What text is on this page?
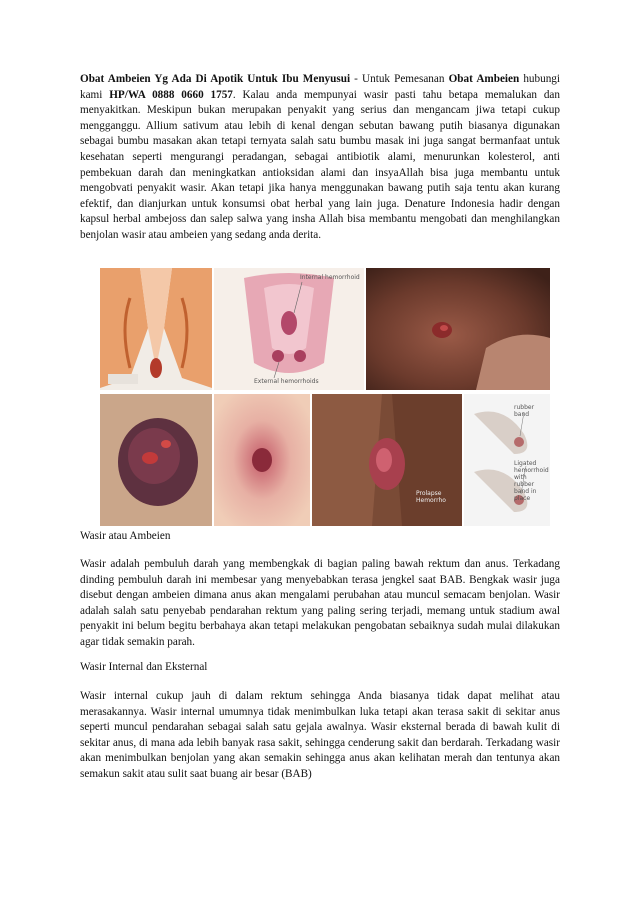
Obat Ambeien Yg Ada Di Apotik Untuk Ibu Menyusui - Untuk Pemesanan Obat Ambeien hubungi kami HP/WA 0888 0660 1757. Kalau anda mempunyai wasir pasti tahu betapa memalukan dan menyakitkan. Meskipun bukan merupakan penyakit yang serius dan mengancam jiwa tetapi cukup mengganggu. Allium sativum atau lebih di kenal dengan sebutan bawang putih biasanya digunakan sebagai bumbu masakan akan tetapi ternyata salah satu bumbu masak ini juga sangat bermanfaat untuk kesehatan seperti mengurangi peradangan, sebagai antibiotik alami, menurunkan kolesterol, anti pembekuan darah dan meningkatkan antioksidan alami dan insyaAllah bisa juga membantu untuk mengobvati penyakit wasir. Akan tetapi jika hanya menggunakan bawang putih saja tentu akan kurang efektif, dan dianjurkan untuk konsumsi obat herbal yang lain juga. Denature Indonesia hadir dengan kapsul herbal ambejoss dan salep salwa yang insha Allah bisa membantu mengobati dan menghilangkan benjolan wasir atau ambeien yang sedang anda derita.

Internal hemorrhoid
External hemorrhoids
Prolapse Hemorrho
rubber band
Ligated hemorrhoid with rubber band in place
Wasir atau Ambeien

Wasir adalah pembuluh darah yang membengkak di bagian paling bawah rektum dan anus. Terkadang dinding pembuluh darah ini membesar yang menyebabkan terasa jengkel saat BAB. Bengkak wasir juga disebut dengan ambeien dimana anus akan mengalami perubahan atau muncul semacam benjolan. Wasir adalah salah satu penyebab pendarahan rektum yang paling sering terjadi, memang untuk stadium awal penyakit ini belum begitu berbahaya akan tetapi melakukan pengobatan sebaiknya sudah mulai dilakukan agar tidak semakin parah.

Wasir Internal dan Eksternal

Wasir internal cukup jauh di dalam rektum sehingga Anda biasanya tidak dapat melihat atau merasakannya. Wasir internal umumnya tidak menimbulkan luka tetapi akan terasa sakit di sekitar anus seperti muncul pendarahan sebagai salah satu gejala awalnya. Wasir eksternal berada di bawah kulit di sekitar anus, di mana ada lebih banyak rasa sakit, sehingga cenderung sakit dan berdarah. Terkadang wasir akan menimbulkan benjolan yang akan semakin sehingga anus akan kelihatan merah dan tentunya akan semakun sakit atau sulit saat buang air besar (BAB)
